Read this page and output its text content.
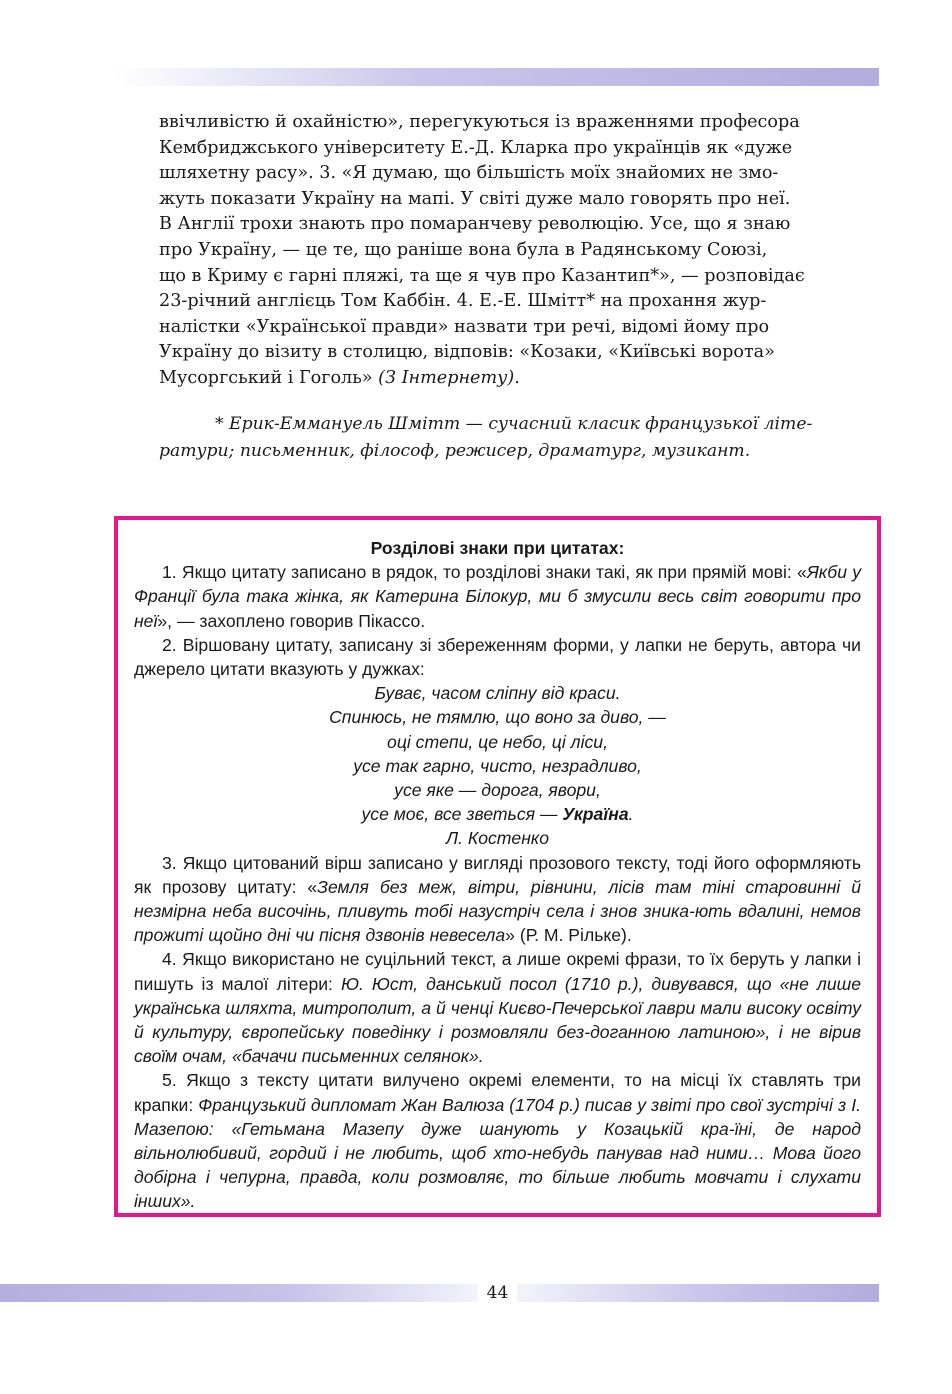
ввічливістю й охайністю», перегукуються із враженнями професора

Кембриджського університету Е.-Д. Кларка про українців як «дуже

шляхетну расу». 3. «Я думаю, що більшість моїх знайомих не змо-

жуть показати Україну на мапі. У світі дуже мало говорять про неї.

В Англії трохи знають про помаранчеву революцію. Усе, що я знаю

про Україну, — це те, що раніше вона була в Радянському Союзі,

що в Криму є гарні пляжі, та ще я чув про Казантип*», — розповідає

23-річний англієць Том Каббін. 4. Е.-Е. Шмітт* на прохання жур-

налістки «Української правди» назвати три речі, відомі йому про

Україну до візиту в столицю, відповів: «Козаки, «Київські ворота»

Мусоргський і Гоголь» (З Інтернету).

* Ерик-Еммануель Шмітт — сучасний класик французької літе-

ратури; письменник, філософ, режисер, драматург, музикант.

Розділові знаки при цитатах:

1. Якщо цитату записано в рядок, то розділові знаки такі, як при прямій мові: «Якби у Франції була така жінка, як Катерина Білокур, ми б змусили весь світ говорити про неї», — захоплено говорив Пікассо.

2. Віршовану цитату, записану зі збереженням форми, у лапки не беруть, автора чи джерело цитати вказують у дужках:

Буває, часом сліпну від краси.
Спинюсь, не тямлю, що воно за диво, —
оці степи, це небо, ці ліси,
усе так гарно, чисто, незрадливо,
усе яке — дорога, явори,
усе моє, все зветься — Україна.
Л. Костенко

3. Якщо цитований вірш записано у вигляді прозового тексту, тоді його оформляють як прозову цитату: «Земля без меж, вітри, рівнини, лісів там тіні старовинні й незмірна неба височінь, пливуть тобі назустріч села і знов зника-ють вдалині, немов прожиті щойно дні чи пісня дзвонів невесела» (Р. М. Рільке).

4. Якщо використано не суцільний текст, а лише окремі фрази, то їх беруть у лапки і пишуть із малої літери: Ю. Юст, данський посол (1710 р.), дивувався, що «не лише українська шляхта, митрополит, а й ченці Києво-Печерської лаври мали високу освіту й культуру, європейську поведінку і розмовляли без-доганною латиною», і не вірив своїм очам, «бачачи письменних селянок».

5. Якщо з тексту цитати вилучено окремі елементи, то на місці їх ставлять три крапки: Французький дипломат Жан Валюза (1704 р.) писав у звіті про свої зустрічі з І. Мазепою: «Гетьмана Мазепу дуже шанують у Козацькій кра-їні, де народ вільнолюбивий, гордий і не любить, щоб хто-небудь панував над ними… Мова його добірна і чепурна, правда, коли розмовляє, то більше любить мовчати і слухати інших».

44
